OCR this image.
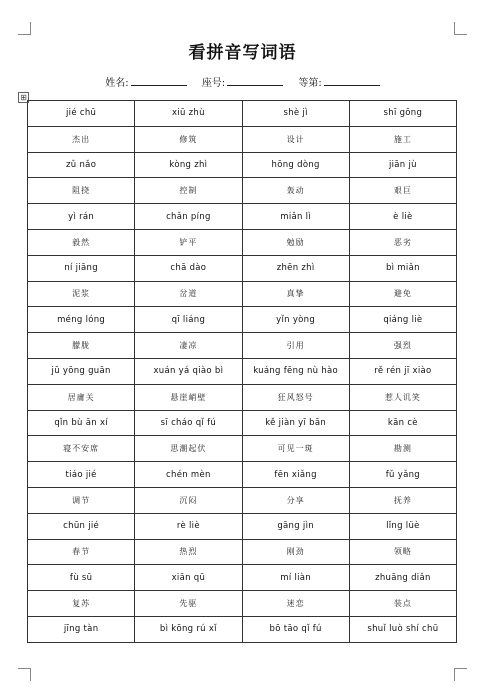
看拼音写词语
姓名:	座号:	等第:
⊞
jié chū	xiū zhù	shè jì	shī gōng
杰出	修筑	设计	施工
zǔ nǎo	kòng zhì	hōng dòng	jiān jù
阻挠	控制	轰动	艰巨
yì rán	chǎn píng	miǎn lì	è liè
毅然	铲平	勉励	恶劣
ní jiāng	chā dào	zhēn zhì	bì miǎn
泥浆	岔道	真挚	避免
méng lóng	qī liáng	yǐn yòng	qiáng liè
朦胧	凄凉	引用	强烈
jū yōng guān	xuán yá qiào bì	kuáng fēng nù hào	rě rén jī xiào
居庸关	悬崖峭壁	狂风怒号	惹人讥笑
qǐn bù ān xí	sī cháo qǐ fú	kě jiàn yī bān	kān cè
寝不安席	思潮起伏	可见一斑	勘测
tiáo jié	chén mèn	fēn xiǎng	fǔ yǎng
调节	沉闷	分享	抚养
chūn jié	rè liè	gāng jìn	lǐng lüè
春节	热烈	刚劲	领略
fù sū	xiān qū	mí liàn	zhuāng diǎn
复苏	先驱	迷恋	装点
jīng tàn	bì kōng rú xǐ	bō tāo qǐ fú	shuǐ luò shí chū
